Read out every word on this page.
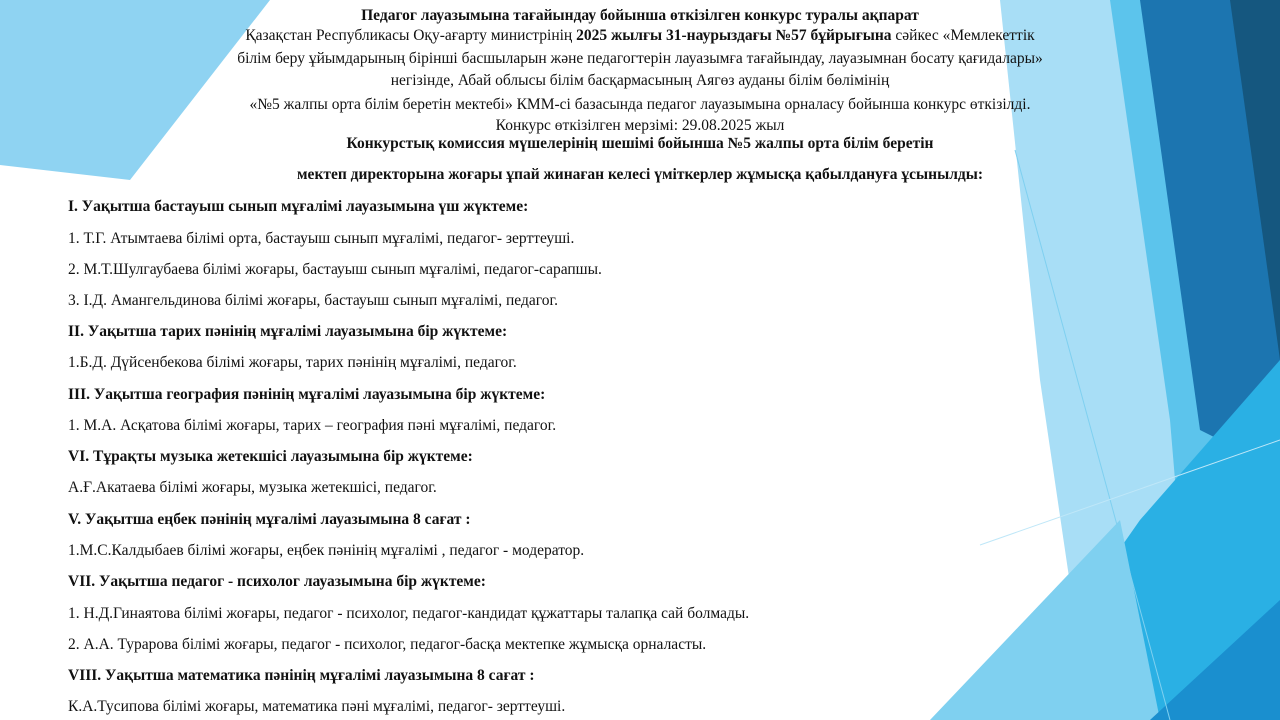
Педагог лауазымына тағайындау бойынша өткізілген конкурс туралы ақпарат
Қазақстан Республикасы Оқу-ағарту министрінің 2025 жылғы 31-наурыздағы №57 бұйрығына сәйкес «Мемлекеттік
білім беру ұйымдарының бірінші басшыларын және педагогтерін лауазымға тағайындау, лауазымнан босату қағидалары»
негізінде, Абай облысы білім басқармасының Аягөз ауданы білім бөлімінің
«№5 жалпы орта білім беретін мектебі» КММ-сі базасында педагог лауазымына орналасу бойынша конкурс өткізілді.
Конкурс өткізілген мерзімі: 29.08.2025 жыл
Конкурстық комиссия мүшелерінің шешімі бойынша №5 жалпы орта білім беретін
мектеп директорына жоғары ұпай жинаған келесі үміткерлер жұмысқа қабылдануға ұсынылды:
I. Уақытша бастауыш сынып мұғалімі лауазымына үш жүктеме:
1. Т.Г. Атымтаева білімі орта, бастауыш сынып мұғалімі, педагог- зерттеуші.
2. М.Т.Шулгаубаева білімі жоғары, бастауыш сынып мұғалімі, педагог-сарапшы.
3. І.Д. Амангельдинова білімі жоғары, бастауыш сынып мұғалімі, педагог.
II. Уақытша тарих пәнінің мұғалімі лауазымына бір жүктеме:
1.Б.Д. Дүйсенбекова білімі жоғары, тарих пәнінің мұғалімі, педагог.
III. Уақытша география пәнінің мұғалімі лауазымына бір жүктеме:
1. М.А. Асқатова білімі жоғары, тарих – география пәні мұғалімі, педагог.
VI. Тұрақты музыка жетекшісі лауазымына бір жүктеме:
А.Ғ.Акатаева білімі жоғары, музыка жетекшісі, педагог.
V. Уақытша еңбек пәнінің мұғалімі лауазымына 8 сағат :
1.М.С.Калдыбаев білімі жоғары, еңбек пәнінің мұғалімі , педагог - модератор.
VII. Уақытша педагог - психолог лауазымына бір жүктеме:
1. Н.Д.Гинаятова білімі жоғары, педагог - психолог, педагог-кандидат құжаттары талапқа сай болмады.
2. А.А. Турарова білімі жоғары, педагог - психолог, педагог-басқа мектепке жұмысқа орналасты.
VIII. Уақытша математика пәнінің мұғалімі лауазымына 8 сағат :
К.А.Тусипова білімі жоғары, математика пәні мұғалімі, педагог- зерттеуші.
